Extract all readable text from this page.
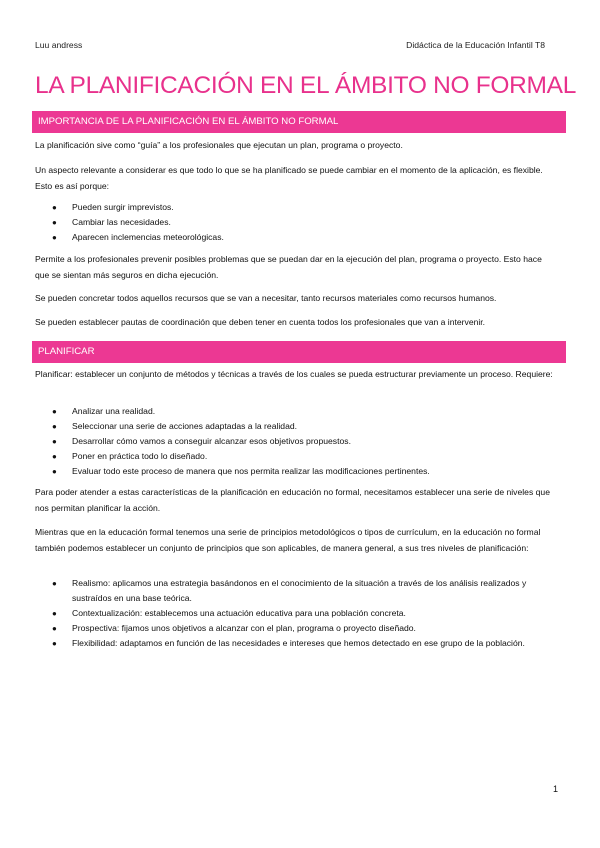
Luu andress	Didáctica de la Educación Infantil T8
LA PLANIFICACIÓN EN EL ÁMBITO NO FORMAL
IMPORTANCIA DE LA PLANIFICACIÓN EN EL ÁMBITO NO FORMAL

La planificación sive como “guía” a los profesionales que ejecutan un plan, programa o proyecto.

Un aspecto relevante a considerar es que todo lo que se ha planificado se puede cambiar en el momento de la aplicación, es flexible. Esto es así porque:

● Pueden surgir imprevistos.
● Cambiar las necesidades.
● Aparecen inclemencias meteorológicas.

Permite a los profesionales prevenir posibles problemas que se puedan dar en la ejecución del plan, programa o proyecto. Esto hace que se sientan más seguros en dicha ejecución.

Se pueden concretar todos aquellos recursos que se van a necesitar, tanto recursos materiales como recursos humanos.

Se pueden establecer pautas de coordinación que deben tener en cuenta todos los profesionales que van a intervenir.

PLANIFICAR

Planificar: establecer un conjunto de métodos y técnicas a través de los cuales se pueda estructurar previamente un proceso. Requiere:

● Analizar una realidad.
● Seleccionar una serie de acciones adaptadas a la realidad.
● Desarrollar cómo vamos a conseguir alcanzar esos objetivos propuestos.
● Poner en práctica todo lo diseñado.
● Evaluar todo este proceso de manera que nos permita realizar las modificaciones pertinentes.

Para poder atender a estas características de la planificación en educación no formal, necesitamos establecer una serie de niveles que nos permitan planificar la acción.

Mientras que en la educación formal tenemos una serie de principios metodológicos o tipos de currículum, en la educación no formal también podemos establecer un conjunto de principios que son aplicables, de manera general, a sus tres niveles de planificación:

● Realismo: aplicamos una estrategia basándonos en el conocimiento de la situación a través de los análisis realizados y sustraídos en una base teórica.
● Contextualización: establecemos una actuación educativa para una población concreta.
● Prospectiva: fijamos unos objetivos a alcanzar con el plan, programa o proyecto diseñado.
● Flexibilidad: adaptamos en función de las necesidades e intereses que hemos detectado en ese grupo de la población.
1
